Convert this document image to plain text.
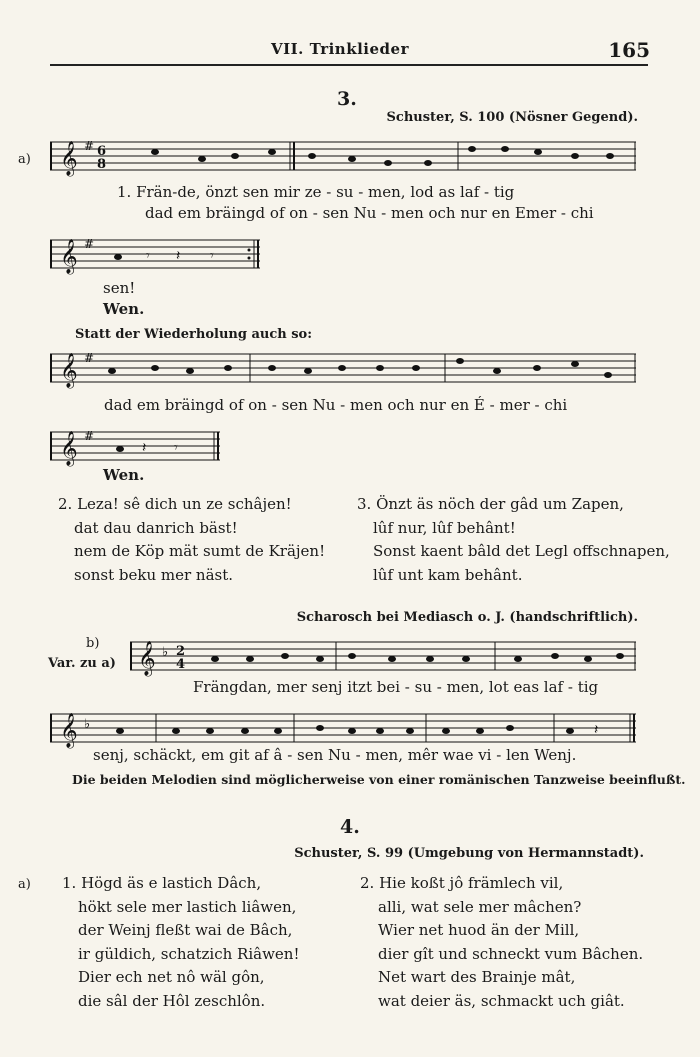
VII. Trinklieder	165
3.
Schuster, S. 100 (Nösner Gegend).
a) 𝄞 # 6
8
1. Frän-de, önzt sen mir ze - su - men, lod as laf - tig
dad em bräingd of on - sen Nu - men och nur en Emer - chi
𝄞 #
𝄾 𝄽 𝄾
sen!
Wen.
Statt der Wiederholung auch so:
𝄞 #
dad em bräingd of on - sen Nu - men och nur en É - mer - chi
𝄞 #
𝄽 𝄾
Wen.
2. Leza! sê dich un ze schâjen!
dat dau danrich bäst!
nem de Köp mät sumt de Kräjen!
sonst beku mer näst.
3. Önzt äs nöch der gâd um Zapen,
lûf nur, lûf behânt!
Sonst kaent bâld det Legl offschnapen,
lûf unt kam behânt.
Scharosch bei Mediasch o. J. (handschriftlich).
b)
Var. zu a) 𝄞 ♭ 2
4
Frängdan, mer senj itzt bei - su - men, lot eas laf - tig
𝄞 ♭	𝄽
senj, schäckt, em git af â - sen Nu - men, mêr wae vi - len Wenj.
Die beiden Melodien sind möglicherweise von einer romänischen Tanzweise beeinflußt.
4.
Schuster, S. 99 (Umgebung von Hermannstadt).
a) 1. Högd äs e lastich Dâch,
hökt sele mer lastich liâwen,
der Weinj fleßt wai de Bâch,
ir güldich, schatzich Riâwen!
Dier ech net nô wäl gôn,
die sâl der Hôl zeschlôn.
2. Hie koßt jô främlech vil,
alli, wat sele mer mâchen?
Wier net huod än der Mill,
dier gît und schneckt vum Bâchen.
Net wart des Brainje mât,
wat deier äs, schmackt uch giât.
